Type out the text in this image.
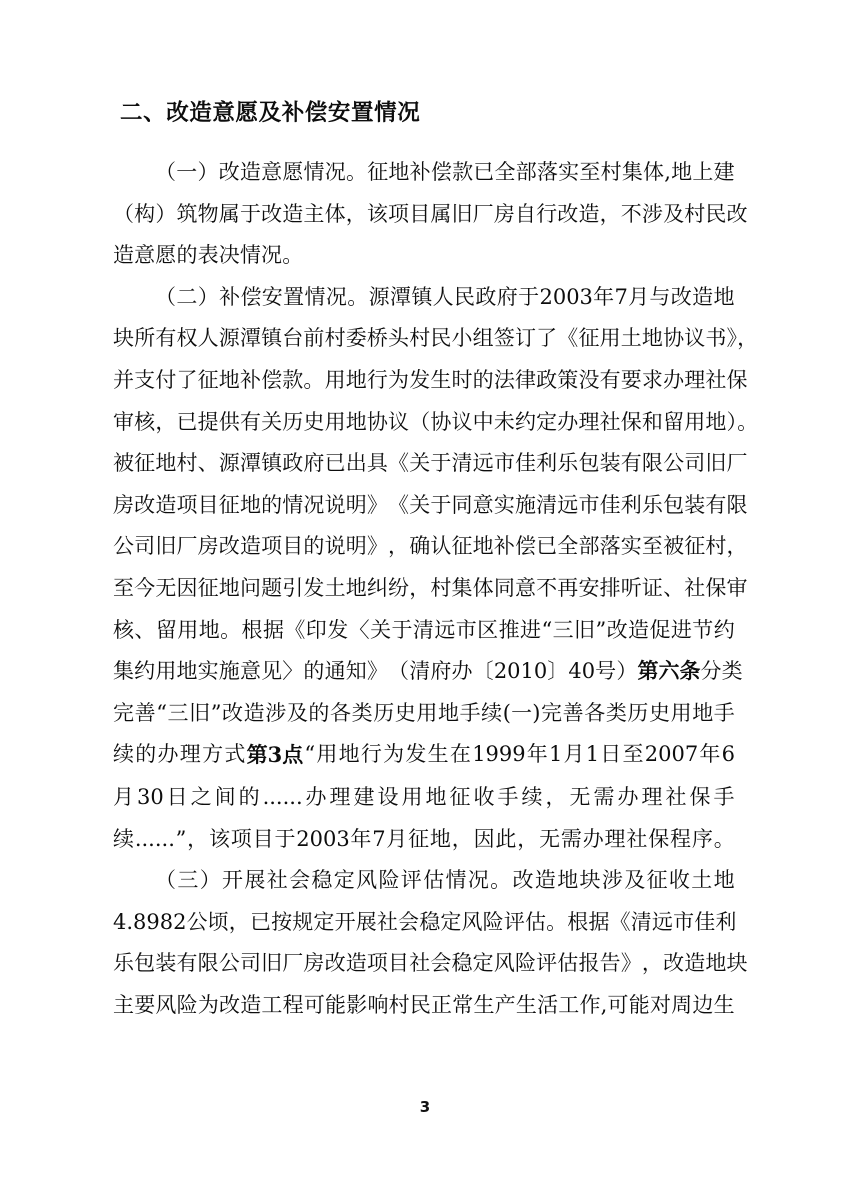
二、改造意愿及补偿安置情况

（ 一 ） 改 造 意 愿 情 况 。 征 地 补 偿 款 已 全 部 落 实 至 村 集 体 , 地 上 建
（ 构 ） 筑 物 属 于 改 造 主 体 ， 该 项 目 属 旧 厂 房 自 行 改 造 ， 不 涉 及 村 民 改
造意愿的表决情况。

（ 二 ） 补 偿 安 置 情 况 。 源 潭 镇 人 民 政 府 于 2003 年 7 月 与 改 造 地
块 所 有 权 人 源 潭 镇 台 前 村 委 桥 头 村 民 小 组 签 订 了 《 征 用 土 地 协 议 书 》，
并 支 付 了 征 地 补 偿 款 。 用 地 行 为 发 生 时 的 法 律 政 策 没 有 要 求 办 理 社 保
审 核 ， 已 提 供 有 关 历 史 用 地 协 议 （ 协 议 中 未 约 定 办 理 社 保 和 留 用 地 ）。
被 征 地 村 、 源 潭 镇 政 府 已 出 具 《 关 于 清 远 市 佳 利 乐 包 装 有 限 公 司 旧 厂
房 改 造 项 目 征 地 的 情 况 说 明 》 《 关 于 同 意 实 施 清 远 市 佳 利 乐 包 装 有 限
公 司 旧 厂 房 改 造 项 目 的 说 明 》 ， 确 认 征 地 补 偿 已 全 部 落 实 至 被 征 村 ，
至 今 无 因 征 地 问 题 引 发 土 地 纠 纷 ， 村 集 体 同 意 不 再 安 排 听 证 、 社 保 审
核 、 留 用 地 。 根 据 《 印 发 〈 关 于 清 远 市 区 推 进 “ 三 旧 ” 改 造 促 进 节 约
集 约 用 地 实 施 意 见 〉 的 通 知 》 （ 清 府 办 〔 2010 〕 40 号 ） 第六条 分 类
完 善 “ 三 旧 ” 改 造 涉 及 的 各 类 历 史 用 地 手 续 (一) 完 善 各 类 历 史 用 地 手
续 的 办 理 方 式 第3点 “ 用 地 行 为 发 生 在 1999 年 1 月 1 日 至 2007 年 6
月 30 日 之 间 的 ...... 办 理 建 设 用 地 征 收 手 续 ， 无 需 办 理 社 保 手
续 ...... ” ， 该 项 目 于 2003 年 7 月 征 地 ， 因 此 ， 无 需 办 理 社 保 程 序 。

（ 三 ） 开 展 社 会 稳 定 风 险 评 估 情 况 。 改 造 地 块 涉 及 征 收 土 地
4.8982 公 顷 ， 已 按 规 定 开 展 社 会 稳 定 风 险 评 估 。 根 据 《 清 远 市 佳 利
乐 包 装 有 限 公 司 旧 厂 房 改 造 项 目 社 会 稳 定 风 险 评 估 报 告 》 ， 改 造 地 块
主 要 风 险 为 改 造 工 程 可 能 影 响 村 民 正 常 生 产 生 活 工 作 , 可 能 对 周 边 生

3
